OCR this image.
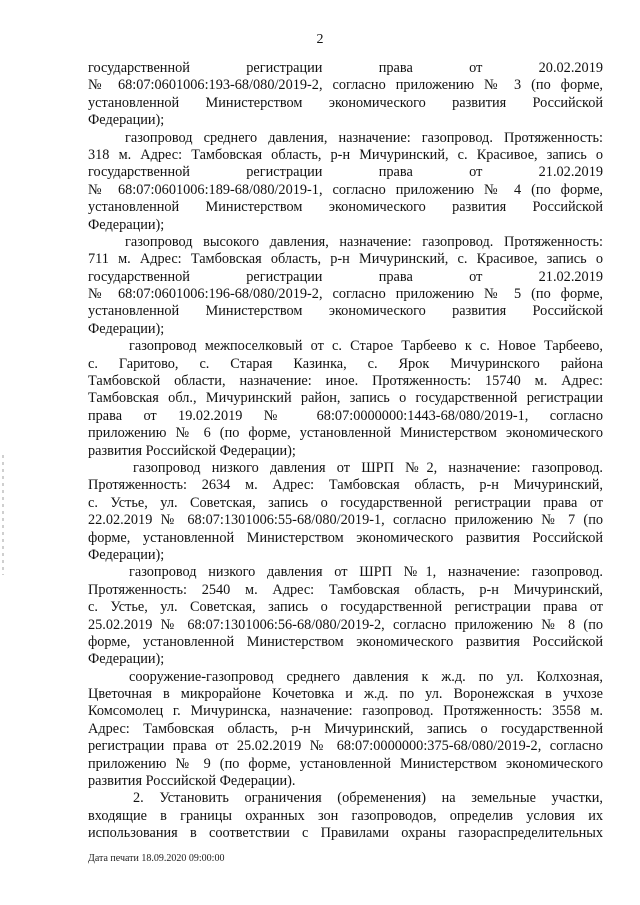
2
государственной регистрации права от 20.02.2019
№ 68:07:0601006:193-68/080/2019-2, согласно приложению № 3 (по форме,
установленной Министерством экономического развития Российской
Федерации);
газопровод среднего давления, назначение: газопровод. Протяженность:
318 м. Адрес: Тамбовская область, р-н Мичуринский, с. Красивое, запись о
государственной регистрации права от 21.02.2019
№ 68:07:0601006:189-68/080/2019-1, согласно приложению № 4 (по форме,
установленной Министерством экономического развития Российской
Федерации);
газопровод высокого давления, назначение: газопровод. Протяженность:
711 м. Адрес: Тамбовская область, р-н Мичуринский, с. Красивое, запись о
государственной регистрации права от 21.02.2019
№ 68:07:0601006:196-68/080/2019-2, согласно приложению № 5 (по форме,
установленной Министерством экономического развития Российской
Федерации);
газопровод межпоселковый от с. Старое Тарбеево к с. Новое Тарбеево,
с. Гаритово, с. Старая Казинка, с. Ярок Мичуринского района
Тамбовской области, назначение: иное. Протяженность: 15740 м. Адрес:
Тамбовская обл., Мичуринский район, запись о государственной регистрации
права от 19.02.2019 № 68:07:0000000:1443-68/080/2019-1, согласно
приложению № 6 (по форме, установленной Министерством экономического
развития Российской Федерации);
газопровод низкого давления от ШРП №2, назначение: газопровод.
Протяженность: 2634 м. Адрес: Тамбовская область, р-н Мичуринский,
с. Устье, ул. Советская, запись о государственной регистрации права от
22.02.2019 № 68:07:1301006:55-68/080/2019-1, согласно приложению № 7 (по
форме, установленной Министерством экономического развития Российской
Федерации);
газопровод низкого давления от ШРП №1, назначение: газопровод.
Протяженность: 2540 м. Адрес: Тамбовская область, р-н Мичуринский,
с. Устье, ул. Советская, запись о государственной регистрации права от
25.02.2019 № 68:07:1301006:56-68/080/2019-2, согласно приложению № 8 (по
форме, установленной Министерством экономического развития Российской
Федерации);
сооружение-газопровод среднего давления к ж.д. по ул. Колхозная,
Цветочная в микрорайоне Кочетовка и ж.д. по ул. Воронежская в учхозе
Комсомолец г. Мичуринска, назначение: газопровод. Протяженность: 3558 м.
Адрес: Тамбовская область, р-н Мичуринский, запись о государственной
регистрации права от 25.02.2019 № 68:07:0000000:375-68/080/2019-2, согласно
приложению № 9 (по форме, установленной Министерством экономического
развития Российской Федерации).
2. Установить ограничения (обременения) на земельные участки,
входящие в границы охранных зон газопроводов, определив условия их
использования в соответствии с Правилами охраны газораспределительных
Дата печати 18.09.2020 09:00:00
